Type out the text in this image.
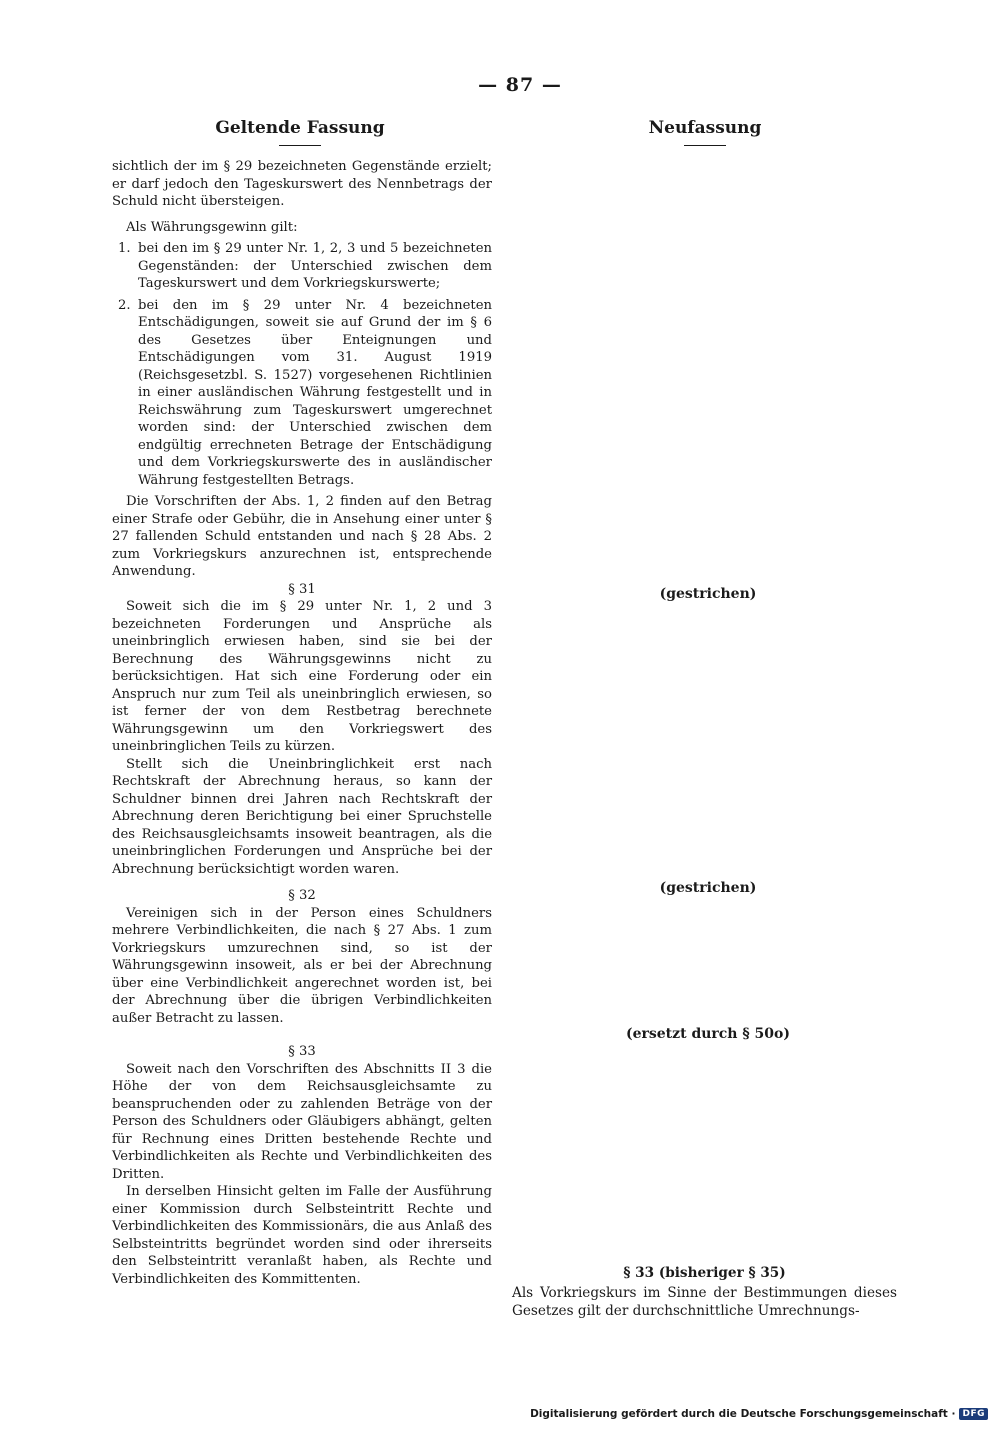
— 87 —
Geltende Fassung	Neufassung

sichtlich der im § 29 bezeichneten Gegenstände erzielt; er darf jedoch den Tageskurswert des Nennbetrags der Schuld nicht übersteigen.

Als Währungsgewinn gilt:

1. bei den im § 29 unter Nr. 1, 2, 3 und 5 bezeichneten Gegenständen: der Unterschied zwischen dem Tageskurswert und dem Vorkriegskurswerte;
2. bei den im § 29 unter Nr. 4 bezeichneten Entschädigungen, soweit sie auf Grund der im § 6 des Gesetzes über Enteignungen und Entschädigungen vom 31. August 1919 (Reichsgesetzbl. S. 1527) vorgesehenen Richtlinien in einer ausländischen Währung festgestellt und in Reichswährung zum Tageskurswert umgerechnet worden sind: der Unterschied zwischen dem endgültig errechneten Betrage der Entschädigung und dem Vorkriegskurswerte des in ausländischer Währung festgestellten Betrags.

Die Vorschriften der Abs. 1, 2 finden auf den Betrag einer Strafe oder Gebühr, die in Ansehung einer unter § 27 fallenden Schuld entstanden und nach § 28 Abs. 2 zum Vorkriegskurs anzurechnen ist, entsprechende Anwendung.

§ 31

Soweit sich die im § 29 unter Nr. 1, 2 und 3 bezeichneten Forderungen und Ansprüche als uneinbringlich erwiesen haben, sind sie bei der Berechnung des Währungsgewinns nicht zu berücksichtigen. Hat sich eine Forderung oder ein Anspruch nur zum Teil als uneinbringlich erwiesen, so ist ferner der von dem Restbetrag berechnete Währungsgewinn um den Vorkriegswert des uneinbringlichen Teils zu kürzen.

Stellt sich die Uneinbringlichkeit erst nach Rechtskraft der Abrechnung heraus, so kann der Schuldner binnen drei Jahren nach Rechtskraft der Abrechnung deren Berichtigung bei einer Spruchstelle des Reichsausgleichsamts insoweit beantragen, als die uneinbringlichen Forderungen und Ansprüche bei der Abrechnung berücksichtigt worden waren.

§ 32

Vereinigen sich in der Person eines Schuldners mehrere Verbindlichkeiten, die nach § 27 Abs. 1 zum Vorkriegskurs umzurechnen sind, so ist der Währungsgewinn insoweit, als er bei der Abrechnung über eine Verbindlichkeit angerechnet worden ist, bei der Abrechnung über die übrigen Verbindlichkeiten außer Betracht zu lassen.

§ 33

Soweit nach den Vorschriften des Abschnitts II 3 die Höhe der von dem Reichsausgleichsamte zu beanspruchenden oder zu zahlenden Beträge von der Person des Schuldners oder Gläubigers abhängt, gelten für Rechnung eines Dritten bestehende Rechte und Verbindlichkeiten als Rechte und Verbindlichkeiten des Dritten.

In derselben Hinsicht gelten im Falle der Ausführung einer Kommission durch Selbsteintritt Rechte und Verbindlichkeiten des Kommissionärs, die aus Anlaß des Selbsteintritts begründet worden sind oder ihrerseits den Selbsteintritt veranlaßt haben, als Rechte und Verbindlichkeiten des Kommittenten.

(gestrichen)
(gestrichen)
(ersetzt durch § 50o)

§ 33 (bisheriger § 35)

Als Vorkriegskurs im Sinne der Bestimmungen dieses Gesetzes gilt der durchschnittliche Umrechnungs-

Digitalisierung gefördert durch die Deutsche Forschungsgemeinschaft · DFG
